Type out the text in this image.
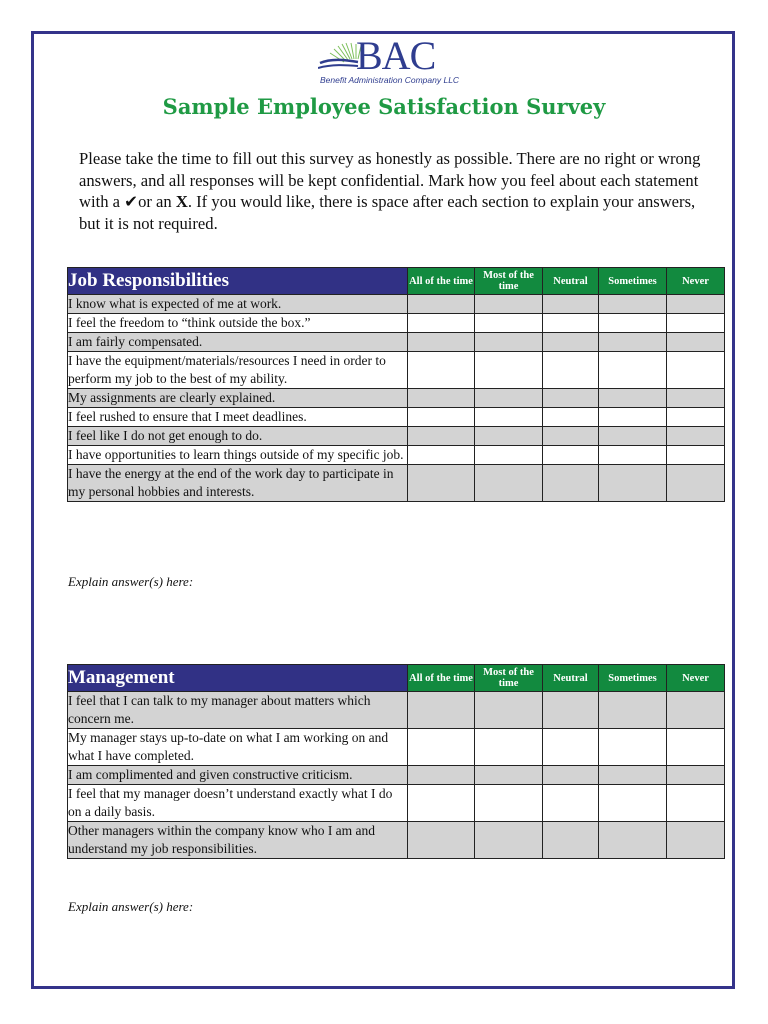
BAC
Benefit Administration Company LLC
Sample Employee Satisfaction Survey
Please take the time to fill out this survey as honestly as possible. There are no right or wrong answers, and all responses will be kept confidential. Mark how you feel about each statement with a ✔or an X. If you would like, there is space after each section to explain your answers, but it is not required.
Job Responsibilities	All of the time	Most of the time	Neutral	Sometimes	Never
I know what is expected of me at work.					
I feel the freedom to “think outside the box.”					
I am fairly compensated.					
I have the equipment/materials/resources I need in order to perform my job to the best of my ability.					
My assignments are clearly explained.					
I feel rushed to ensure that I meet deadlines.					
I feel like I do not get enough to do.					
I have opportunities to learn things outside of my specific job.					
I have the energy at the end of the work day to participate in my personal hobbies and interests.					
Explain answer(s) here:
Management	All of the time	Most of the time	Neutral	Sometimes	Never
I feel that I can talk to my manager about matters which concern me.					
My manager stays up-to-date on what I am working on and what I have completed.					
I am complimented and given constructive criticism.					
I feel that my manager doesn’t understand exactly what I do on a daily basis.					
Other managers within the company know who I am and understand my job responsibilities.					
Explain answer(s) here:
